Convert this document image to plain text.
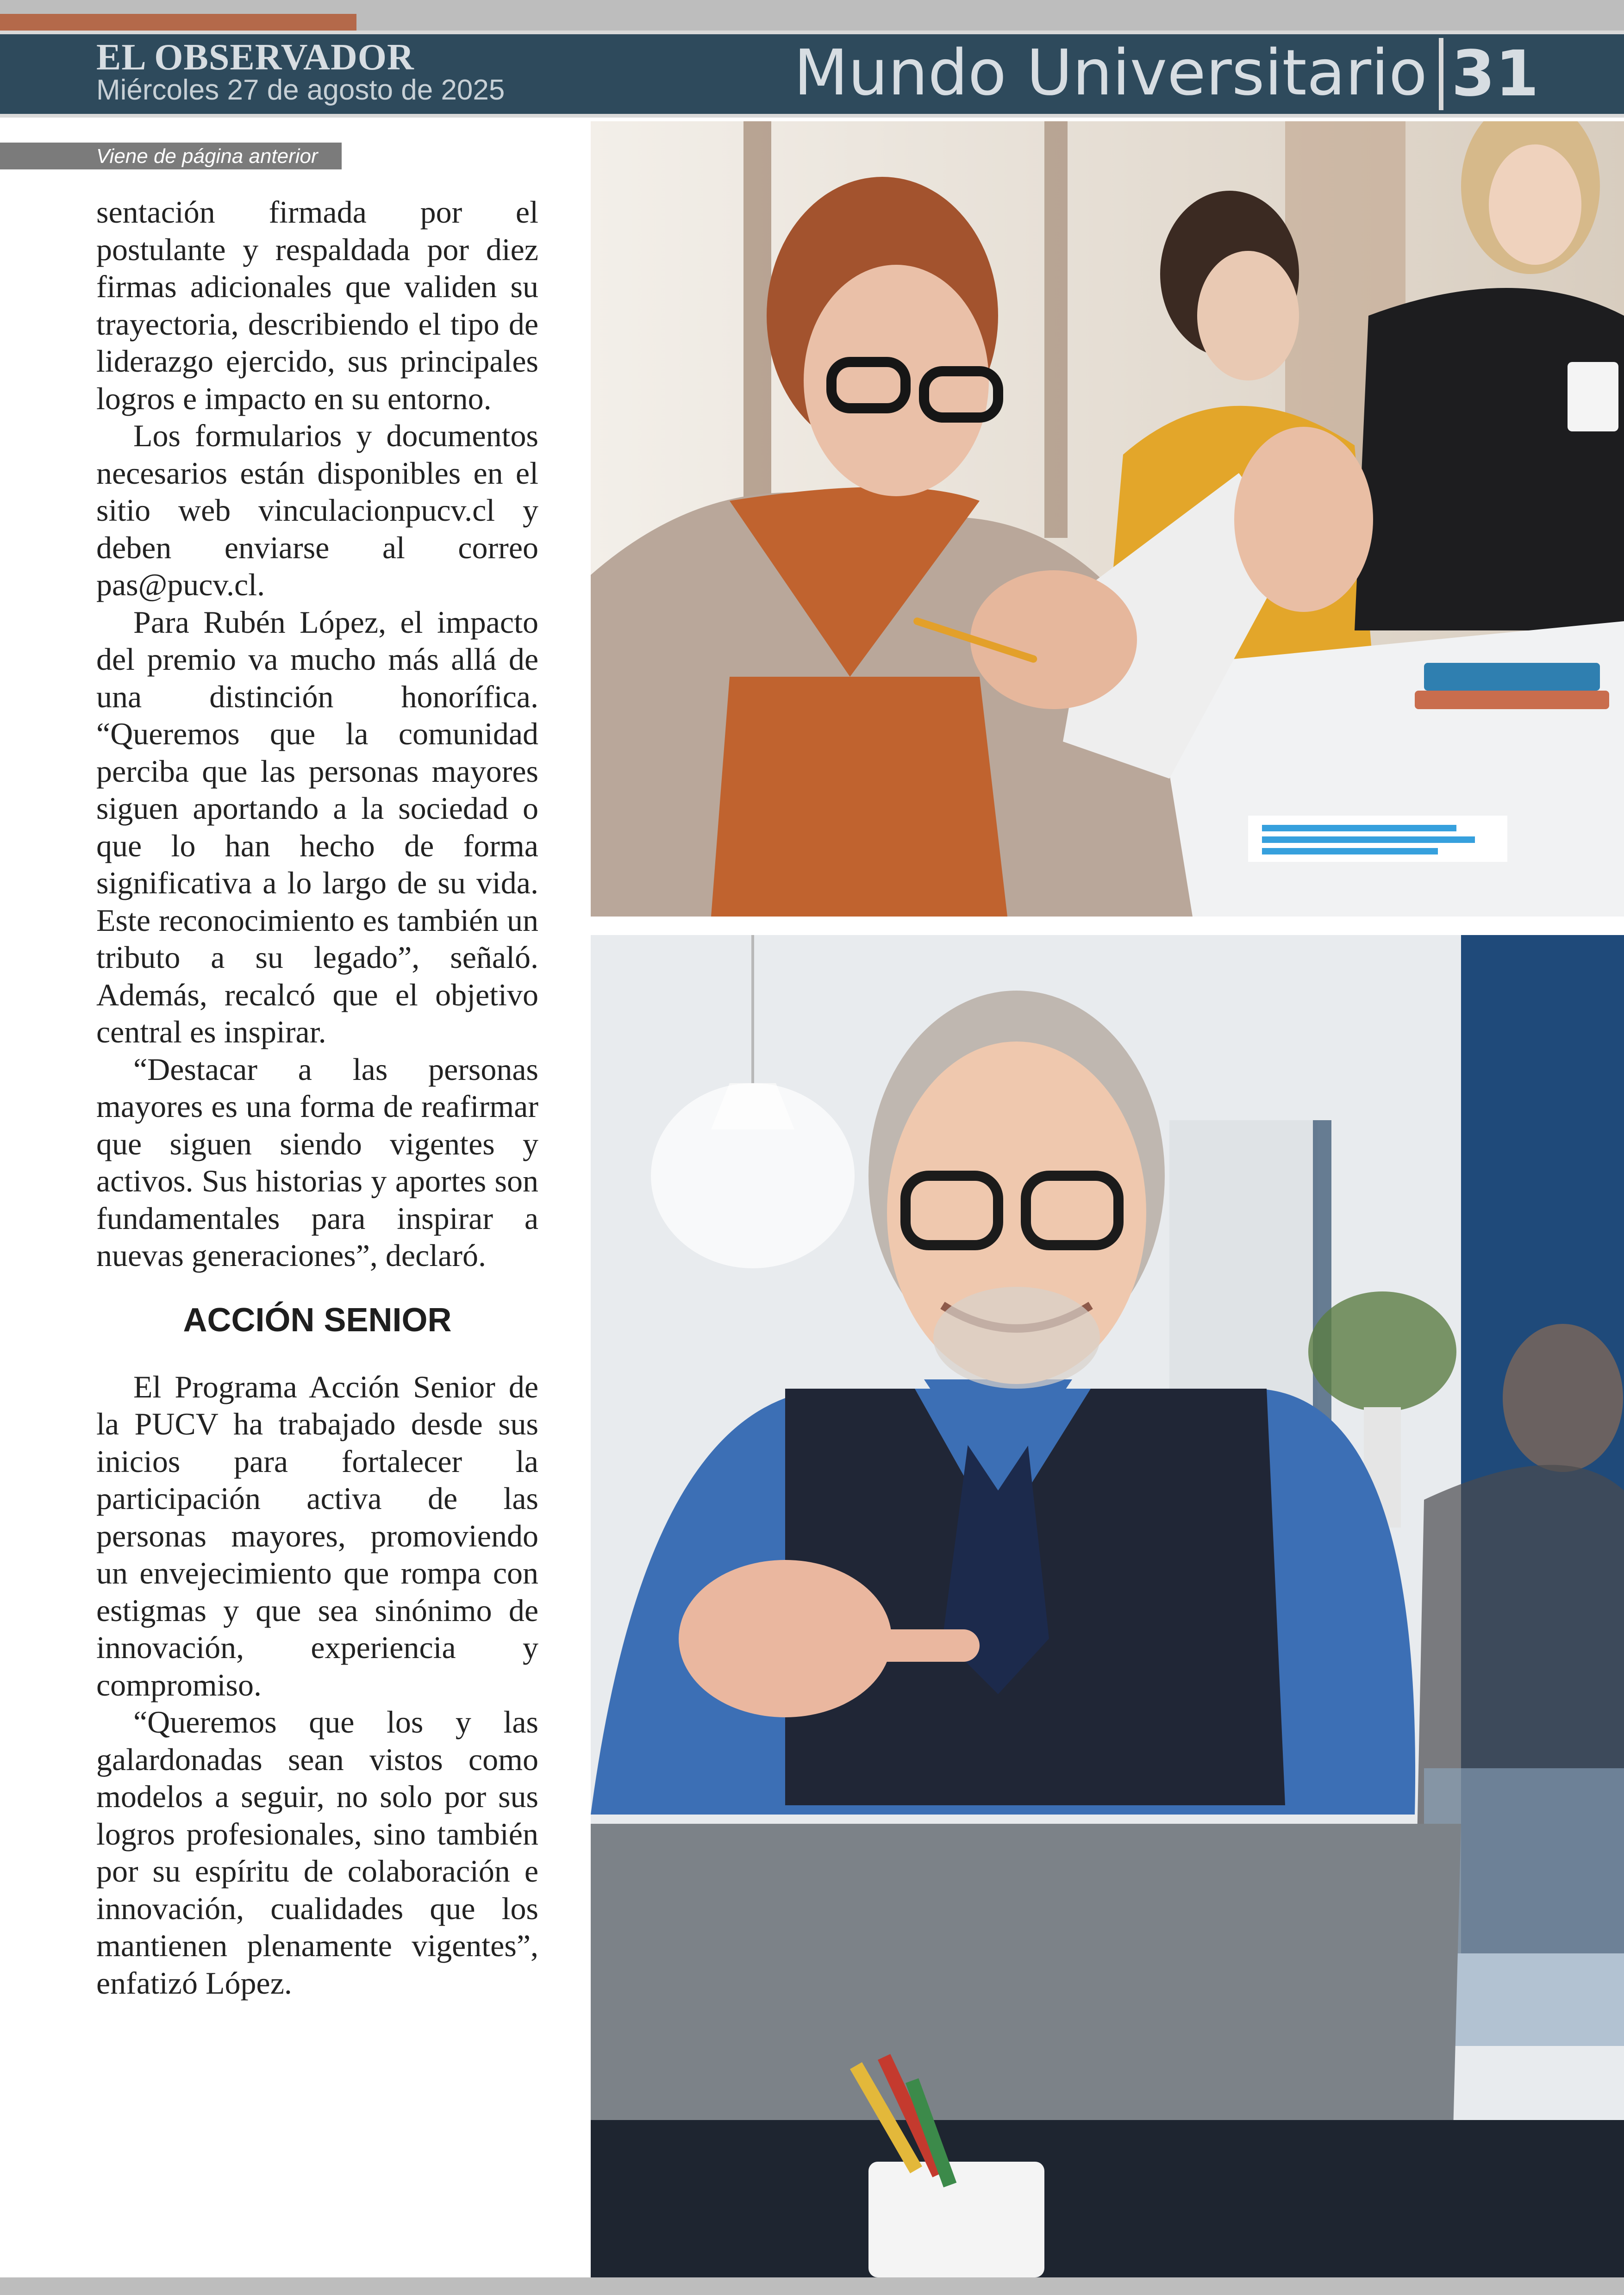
EL OBSERVADOR
Miércoles 27 de agosto de 2025	Mundo Universitario 31
Viene de página anterior

sentación firmada por el postulante y respaldada por diez firmas adicionales que validen su trayectoria, describiendo el tipo de liderazgo ejercido, sus principales logros e impacto en su entorno.

Los formularios y documentos necesarios están disponibles en el sitio web vinculacionpucv.cl y deben enviarse al correo pas@pucv.cl.

Para Rubén López, el impacto del premio va mucho más allá de una distinción honorífica. “Queremos que la comunidad perciba que las personas mayores siguen aportando a la sociedad o que lo han hecho de forma significativa a lo largo de su vida. Este reconocimiento es también un tributo a su legado”, señaló. Además, recalcó que el objetivo central es inspirar.

“Destacar a las personas mayores es una forma de reafirmar que siguen siendo vigentes y activos. Sus historias y aportes son fundamentales para inspirar a nuevas generaciones”, declaró.

ACCIÓN SENIOR

El Programa Acción Senior de la PUCV ha trabajado desde sus inicios para fortalecer la participación activa de las personas mayores, promoviendo un envejecimiento que rompa con estigmas y que sea sinónimo de innovación, experiencia y compromiso.

“Queremos que los y las galardonadas sean vistos como modelos a seguir, no solo por sus logros profesionales, sino también por su espíritu de colaboración e innovación, cualidades que los mantienen plenamente vigentes”, enfatizó López.
